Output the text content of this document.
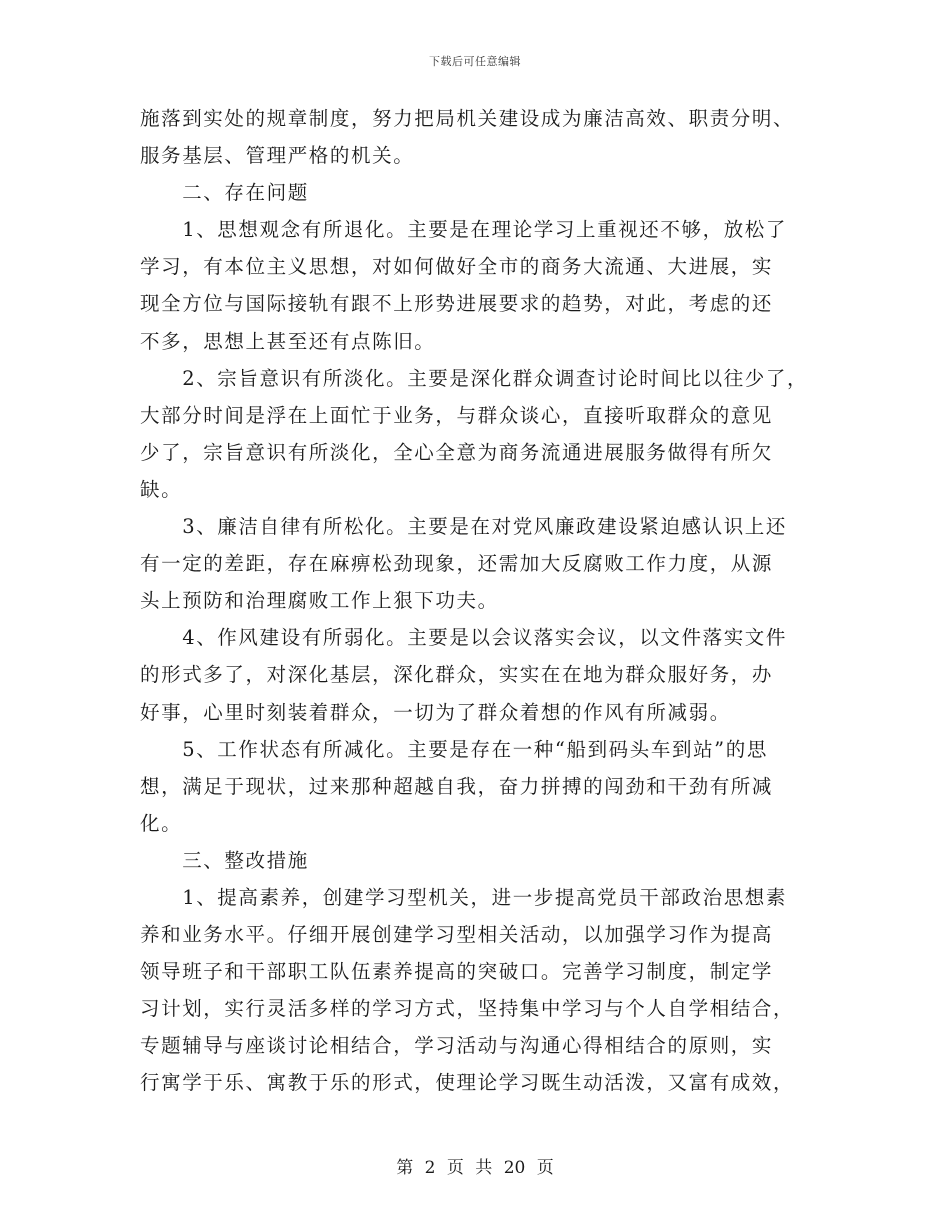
下载后可任意编辑
施落到实处的规章制度，努力把局机关建设成为廉洁高效、职责分明、
服务基层、管理严格的机关。
　　二、存在问题
　　1、思想观念有所退化。主要是在理论学习上重视还不够，放松了
学习，有本位主义思想，对如何做好全市的商务大流通、大进展，实
现全方位与国际接轨有跟不上形势进展要求的趋势，对此，考虑的还
不多，思想上甚至还有点陈旧。
　　2、宗旨意识有所淡化。主要是深化群众调查讨论时间比以往少了，
大部分时间是浮在上面忙于业务，与群众谈心，直接听取群众的意见
少了，宗旨意识有所淡化，全心全意为商务流通进展服务做得有所欠
缺。
　　3、廉洁自律有所松化。主要是在对党风廉政建设紧迫感认识上还
有一定的差距，存在麻痹松劲现象，还需加大反腐败工作力度，从源
头上预防和治理腐败工作上狠下功夫。
　　4、作风建设有所弱化。主要是以会议落实会议，以文件落实文件
的形式多了，对深化基层，深化群众，实实在在地为群众服好务，办
好事，心里时刻装着群众，一切为了群众着想的作风有所减弱。
　　5、工作状态有所减化。主要是存在一种“船到码头车到站”的思
想，满足于现状，过来那种超越自我，奋力拼搏的闯劲和干劲有所减
化。
　　三、整改措施
　　1、提高素养，创建学习型机关，进一步提高党员干部政治思想素
养和业务水平。仔细开展创建学习型相关活动，以加强学习作为提高
领导班子和干部职工队伍素养提高的突破口。完善学习制度，制定学
习计划，实行灵活多样的学习方式，坚持集中学习与个人自学相结合，
专题辅导与座谈讨论相结合，学习活动与沟通心得相结合的原则，实
行寓学于乐、寓教于乐的形式，使理论学习既生动活泼，又富有成效，
第 2 页 共 20 页
